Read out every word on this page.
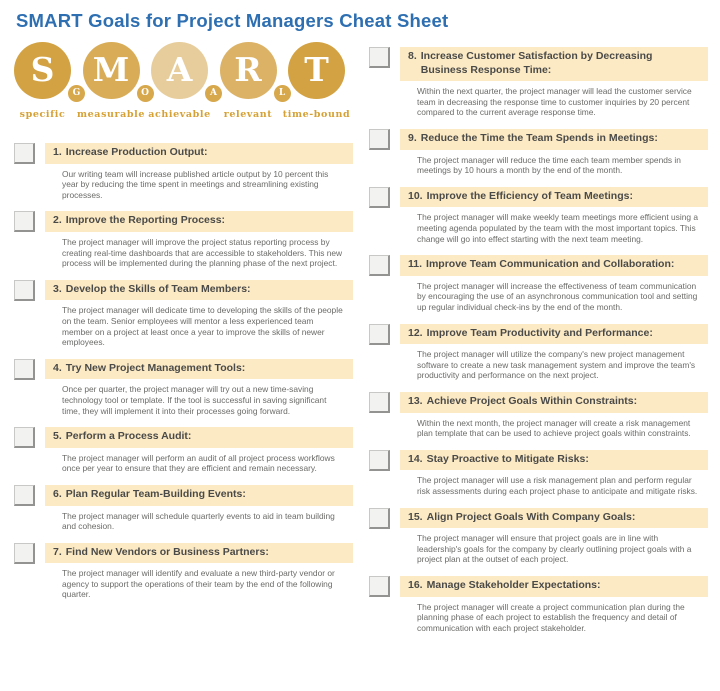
SMART Goals for Project Managers Cheat Sheet
S
specific
M
measurable
A
achievable
R
relevant
T
time-bound
G	O	A	L
1. Increase Production Output:
Our writing team will increase published article output by 10 percent this year by reducing the time spent in meetings and streamlining existing processes.
2. Improve the Reporting Process:
The project manager will improve the project status reporting process by creating real-time dashboards that are accessible to stakeholders. This new process will be implemented during the planning phase of the next project.
3. Develop the Skills of Team Members:
The project manager will dedicate time to developing the skills of the people on the team. Senior employees will mentor a less experienced team member on a project at least once a year to improve the skills of newer employees.
4. Try New Project Management Tools:
Once per quarter, the project manager will try out a new time-saving technology tool or template. If the tool is successful in saving significant time, they will implement it into their processes going forward.
5. Perform a Process Audit:
The project manager will perform an audit of all project process workflows once per year to ensure that they are efficient and remain necessary.
6. Plan Regular Team-Building Events:
The project manager will schedule quarterly events to aid in team building and cohesion.
7. Find New Vendors or Business Partners:
The project manager will identify and evaluate a new third-party vendor or agency to support the operations of their team by the end of the following quarter.
8. Increase Customer Satisfaction by Decreasing Business Response Time:
Within the next quarter, the project manager will lead the customer service team in decreasing the response time to customer inquiries by 20 percent compared to the current average response time.
9. Reduce the Time the Team Spends in Meetings:
The project manager will reduce the time each team member spends in meetings by 10 hours a month by the end of the month.
10. Improve the Efficiency of Team Meetings:
The project manager will make weekly team meetings more efficient using a meeting agenda populated by the team with the most important topics. This change will go into effect starting with the next team meeting.
11. Improve Team Communication and Collaboration:
The project manager will increase the effectiveness of team communication by encouraging the use of an asynchronous communication tool and setting up regular individual check-ins by the end of the month.
12. Improve Team Productivity and Performance:
The project manager will utilize the company's new project management software to create a new task management system and improve the team's productivity and performance on the next project.
13. Achieve Project Goals Within Constraints:
Within the next month, the project manager will create a risk management plan template that can be used to achieve project goals within constraints.
14. Stay Proactive to Mitigate Risks:
The project manager will use a risk management plan and perform regular risk assessments during each project phase to anticipate and mitigate risks.
15. Align Project Goals With Company Goals:
The project manager will ensure that project goals are in line with leadership's goals for the company by clearly outlining project goals with a project plan at the outset of each project.
16. Manage Stakeholder Expectations:
The project manager will create a project communication plan during the planning phase of each project to establish the frequency and detail of communication with each project stakeholder.
